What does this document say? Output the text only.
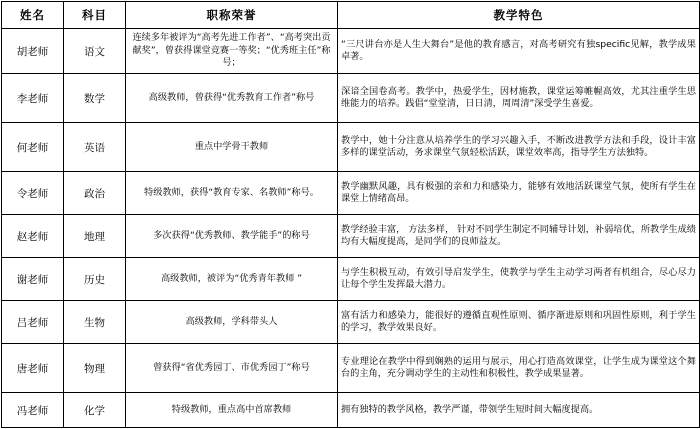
姓名	科目	职称荣誉	教学特色
胡老师	语文	连续多年被评为“高考先进工作者”、“高考突出贡献奖”，曾获得课堂竞赛一等奖；“优秀班主任”称号；	“三尺讲台亦是人生大舞台”是他的教育感言，对高考研究有独specific见解，教学成果卓著。
李老师	数学	高级教师，曾获得“优秀教育工作者”称号	深谙全国卷高考。教学中，热爱学生，因材施教，课堂运筹帷幄高效，尤其注重学生思维能力的培养。践倡“堂堂清，日日清，周周清”深受学生喜爱。
何老师	英语	重点中学骨干教师	教学中，她十分注意从培养学生的学习兴趣入手，不断改进教学方法和手段，设计丰富多样的课堂活动，务求课堂气氛轻松活跃，课堂效率高，指导学生方法独特。
令老师	政治	特级教师，获得“教育专家、名教师”称号。	教学幽默风趣，具有极强的亲和力和感染力，能够有效地活跃课堂气氛，使所有学生在课堂上情绪高昂。
赵老师	地理	多次获得“优秀教师、教学能手”的称号	教学经验丰富， 方法多样， 针对不同学生制定不同辅导计划，补弱培优，所教学生成绩均有大幅度提高，是同学们的良师益友。
谢老师	历史	高级教师，被评为“优秀青年教师 ”	与学生积极互动，有效引导启发学生，使教学与学生主动学习两者有机组合，尽心尽力让每个学生发挥最大潜力。
吕老师	生物	高级教师，学科带头人	富有活力和感染力，能很好的遵循直观性原则、循序渐进原则和巩固性原则，利于学生的学习，教学效果良好。
唐老师	物理	曾获得“省优秀园丁、市优秀园丁”称号	专业理论在教学中得到娴熟的运用与展示，用心打造高效课堂，让学生成为课堂这个舞台的主角，充分调动学生的主动性和积极性，教学成果显著。
冯老师	化学	特级教师，重点高中首席教师	拥有独特的教学风格，教学严谨，带领学生短时间大幅度提高。
